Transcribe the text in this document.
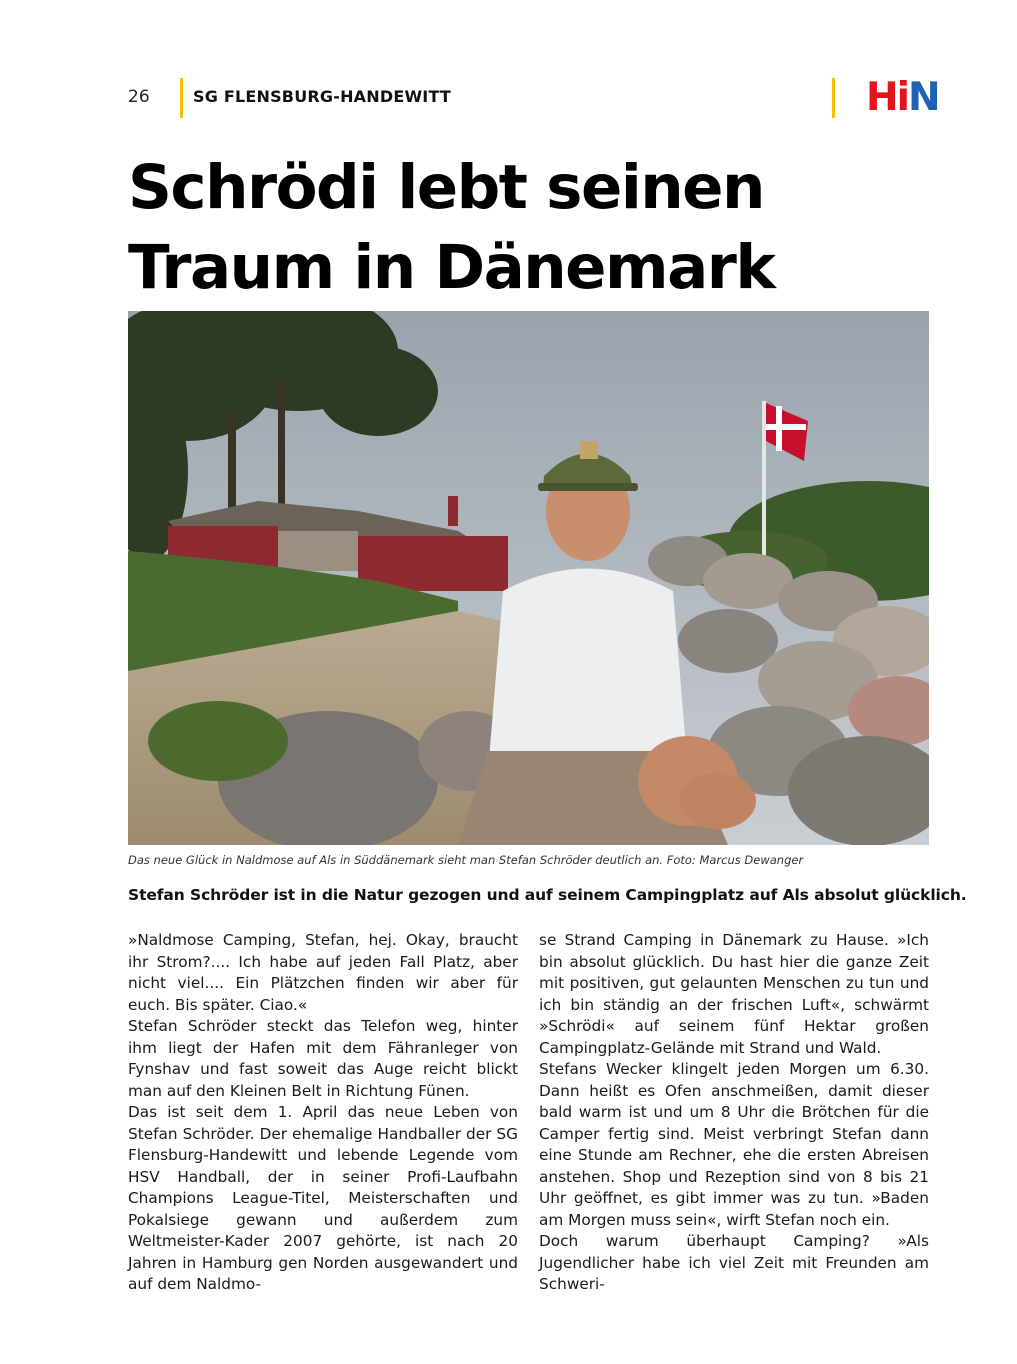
26	SG FLENSBURG-HANDEWITT	HiN
Schrödi lebt seinen
Traum in Dänemark
Das neue Glück in Naldmose auf Als in Süddänemark sieht man Stefan Schröder deutlich an. Foto: Marcus Dewanger
Stefan Schröder ist in die Natur gezogen und auf seinem Campingplatz auf Als absolut glücklich.

»Naldmose Camping, Stefan, hej. Okay, braucht ihr Strom?.... Ich habe auf jeden Fall Platz, aber nicht viel.... Ein Plätzchen finden wir aber für euch. Bis später. Ciao.«

Stefan Schröder steckt das Telefon weg, hinter ihm liegt der Hafen mit dem Fähranleger von Fynshav und fast soweit das Auge reicht blickt man auf den Kleinen Belt in Richtung Fünen.

Das ist seit dem 1. April das neue Leben von Stefan Schröder. Der ehemalige Handballer der SG Flensburg-Handewitt und lebende Legende vom HSV Handball, der in seiner Profi-Laufbahn Champions League-Titel, Meisterschaften und Pokalsiege gewann und außerdem zum Weltmeister-Kader 2007 gehörte, ist nach 20 Jahren in Hamburg gen Norden ausgewandert und auf dem Naldmo-

se Strand Camping in Dänemark zu Hause. »Ich bin absolut glücklich. Du hast hier die ganze Zeit mit positiven, gut gelaunten Menschen zu tun und ich bin ständig an der frischen Luft«, schwärmt »Schrödi« auf seinem fünf Hektar großen Campingplatz-Gelände mit Strand und Wald.

Stefans Wecker klingelt jeden Morgen um 6.30. Dann heißt es Ofen anschmeißen, damit dieser bald warm ist und um 8 Uhr die Brötchen für die Camper fertig sind. Meist verbringt Stefan dann eine Stunde am Rechner, ehe die ersten Abreisen anstehen. Shop und Rezeption sind von 8 bis 21 Uhr geöffnet, es gibt immer was zu tun. »Baden am Morgen muss sein«, wirft Stefan noch ein.

Doch warum überhaupt Camping? »Als Jugendlicher habe ich viel Zeit mit Freunden am Schweri-
